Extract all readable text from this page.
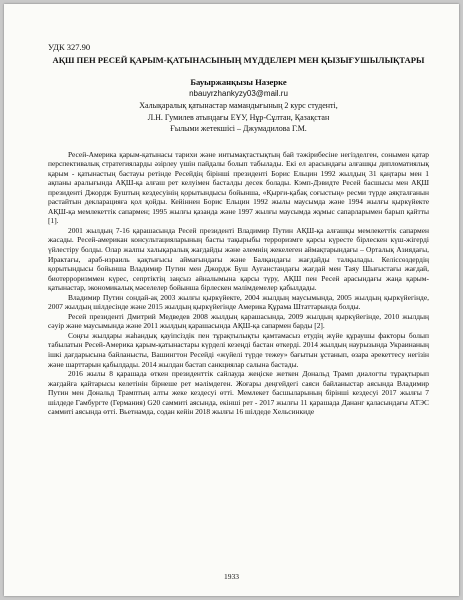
УДК 327.90

АҚШ ПЕН РЕСЕЙ ҚАРЫМ-ҚАТЫНАСЫНЫҢ МҮДДЕЛЕРІ МЕН ҚЫЗЫҒУШЫЛЫҚТАРЫ

Бауыржанқызы Назерке

nbauyrzhankyzy03@mail.ru

Халықаралық қатынастар мамандығының 2 курс студенті,

Л.Н. Гумилев атындағы ЕҰУ, Нұр-Сұлтан, Қазақстан

Ғылыми жетекшісі – Джумадилова Г.М.

Ресей-Америка қарым-қатынасы тарихи және интымақтастықтың бай тәжірибесіне негізделген, сонымен қатар перспективалық стратегияларды әзірлеу үшін пайдалы болып табылады. Екі ел арасындағы алғашқы дипломатиялық қарым - қатынастың бастауы ретінде Ресейдің бірінші президенті Борис Ельцин 1992 жылдың 31 қаңтары мен 1 ақпаны аралығында АҚШ-қа алғаш рет келуімен басталды десек болады. Кэмп-Дэвидте Ресей басшысы мен АҚШ президенті Джордж Буштың кездесуінің қорытындысы бойынша, «Қырғи-қабақ соғыстың» ресми түрде аяқталғанын растайтын декларацияға қол қойды. Кейіннен Борис Ельцин 1992 жылы маусымда және 1994 жылғы қыркүйекте АҚШ-қа мемлекеттік сапармен; 1995 жылғы қазанда және 1997 жылғы маусымда жұмыс сапарларымен барып қайтты [1].

2001 жылдың 7-16 қарашасында Ресей президенті Владимир Путин АҚШ-қа алғашқы мемлекеттік сапармен жасады. Ресей-американ консультацияларының басты тақырыбы терроризмге қарсы күресте бірлескен күш-жігерді үйлестіру болды. Олар жалпы халықаралық жағдайды және әлемнің жекелеген аймақтарындағы – Орталық Азиядағы, Ирактағы, араб-израиль қақтығысы аймағындағы және Балқандағы жағдайды талқылады. Келіссөздердің қорытындысы бойынша Владимир Путин мен Джордж Буш Ауғанстандағы жағдай мен Таяу Шығыстағы жағдай, биотерроризммен күрес, сепртіктің заңсыз айналымына қарсы түру, АҚШ пен Ресей арасындағы жаңа қарым-қатынастар, экономикалық мәселелер бойынша бірлескен мәлімдемелер қабылдады.

Владимир Путин сондай-ақ 2003 жылғы қыркүйекте, 2004 жылдың маусымында, 2005 жылдың қыркүйегінде, 2007 жылдың шілдесінде және 2015 жылдың қыркүйегінде Америка Құрама Штаттарында болды.

Ресей президенті Дмитрий Медведев 2008 жылдың қарашасында, 2009 жылдың қыркүйегінде, 2010 жылдың сәуір және маусымында және 2011 жылдың қарашасында АҚШ-қа сапармен барды [2].

Соңғы жылдары жаһандық қауіпсіздік пен тұрақтылықты қамтамасыз етудің жүйе құраушы факторы болып табылатын Ресей-Америка қарым-қатынастары күрделі кезеңді бастан өткерді. 2014 жылдың наурызында Украинаның ішкі дағдарысына байланысты, Вашингтон Ресейді «жүйелі түрде тежеу» бағытын ұстанып, өзара әрекеттесу негізін және шарттарын қабылдады. 2014 жылдан бастап санкциялар салына бастады.

2016 жылы 8 қарашада өткен президенттік сайлауда жеңіске жеткен Дональд Трамп диалогты тұрақтырып жағдайға қайтарысы келетінін бірнеше рет мәлімдеген. Жоғары деңгейдегі саяси байланыстар аясында Владимир Путин мен Дональд Трамптың алты жеке кездесуі өтті. Мемлекет басшыларының бірінші кездесуі 2017 жылғы 7 шілдеде Гамбургте (Германия) G20 саммиті аясында, екінші рет - 2017 жылғы 11 қарашада Дананг қаласындағы АТЭС саммиті аясында өтті. Вьетнамда, содан кейін 2018 жылғы 16 шілдеде Хельсинкиде

1933
